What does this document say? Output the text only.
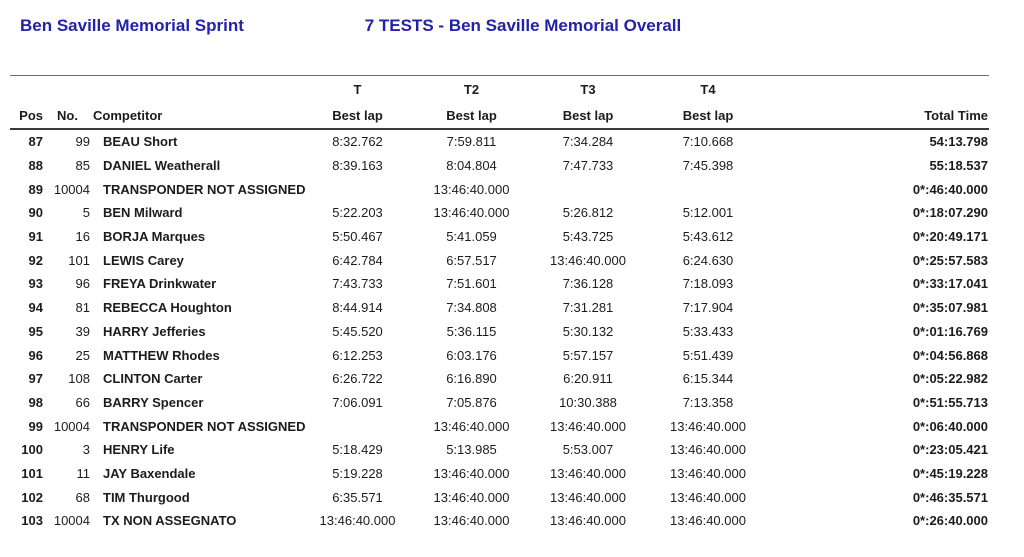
Ben Saville Memorial Sprint	7 TESTS - Ben Saville Memorial Overall
			T	T2	T3	T4	
Pos	No.	Competitor	Best lap	Best lap	Best lap	Best lap	Total Time
87	99	BEAU Short	8:32.762	7:59.811	7:34.284	7:10.668	54:13.798
88	85	DANIEL Weatherall	8:39.163	8:04.804	7:47.733	7:45.398	55:18.537
89	10004	TRANSPONDER NOT ASSIGNED		13:46:40.000			0*:46:40.000
90	5	BEN Milward	5:22.203	13:46:40.000	5:26.812	5:12.001	0*:18:07.290
91	16	BORJA Marques	5:50.467	5:41.059	5:43.725	5:43.612	0*:20:49.171
92	101	LEWIS Carey	6:42.784	6:57.517	13:46:40.000	6:24.630	0*:25:57.583
93	96	FREYA Drinkwater	7:43.733	7:51.601	7:36.128	7:18.093	0*:33:17.041
94	81	REBECCA Houghton	8:44.914	7:34.808	7:31.281	7:17.904	0*:35:07.981
95	39	HARRY Jefferies	5:45.520	5:36.115	5:30.132	5:33.433	0*:01:16.769
96	25	MATTHEW Rhodes	6:12.253	6:03.176	5:57.157	5:51.439	0*:04:56.868
97	108	CLINTON Carter	6:26.722	6:16.890	6:20.911	6:15.344	0*:05:22.982
98	66	BARRY Spencer	7:06.091	7:05.876	10:30.388	7:13.358	0*:51:55.713
99	10004	TRANSPONDER NOT ASSIGNED		13:46:40.000	13:46:40.000	13:46:40.000	0*:06:40.000
100	3	HENRY Life	5:18.429	5:13.985	5:53.007	13:46:40.000	0*:23:05.421
101	11	JAY Baxendale	5:19.228	13:46:40.000	13:46:40.000	13:46:40.000	0*:45:19.228
102	68	TIM Thurgood	6:35.571	13:46:40.000	13:46:40.000	13:46:40.000	0*:46:35.571
103	10004	TX NON ASSEGNATO	13:46:40.000	13:46:40.000	13:46:40.000	13:46:40.000	0*:26:40.000
